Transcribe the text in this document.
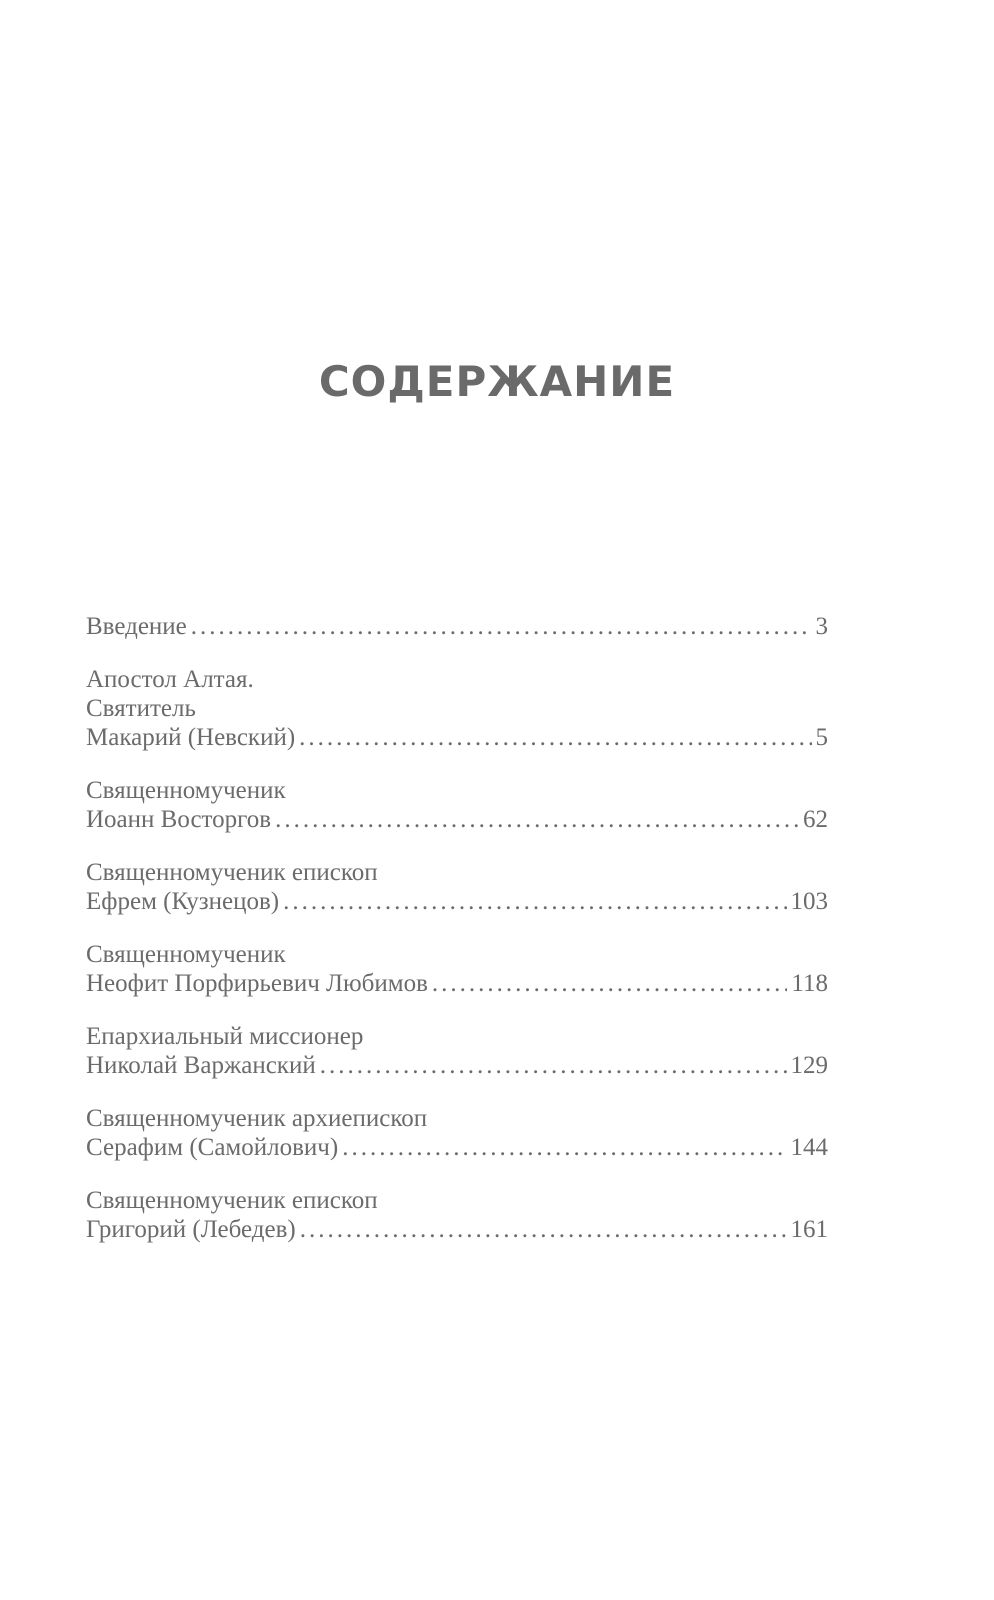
СОДЕРЖАНИЕ
Введение .....	3
Апостол Алтая.
Святитель
Макарий (Невский) .....	5
Священномученик
Иоанн Восторгов .....	62
Священномученик епископ
Ефрем (Кузнецов) .....	103
Священномученик
Неофит Порфирьевич Любимов .....	118
Епархиальный миссионер
Николай Варжанский .....	129
Священномученик архиепископ
Серафим (Самойлович) .....	144
Священномученик епископ
Григорий (Лебедев) .....	161
